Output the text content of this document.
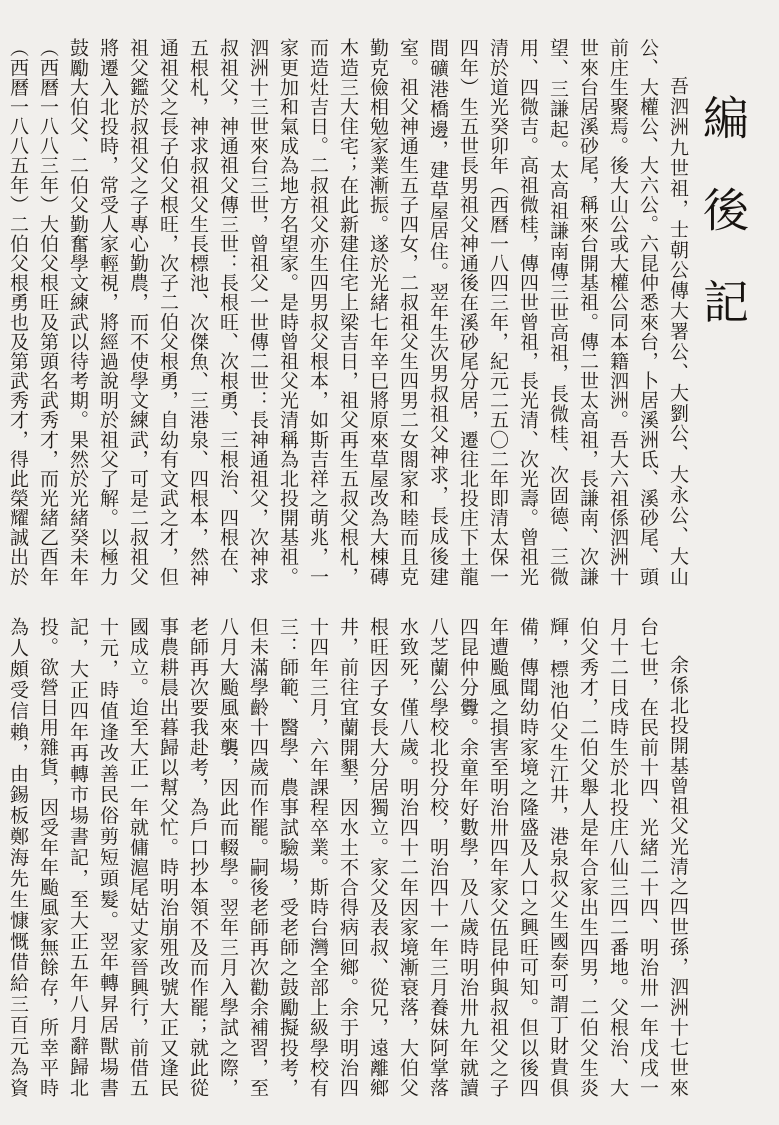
編後記

吾泗洲九世祖，士朝公傳大署公、大劉公、大永公、大山公、大權公、大六公。六昆仲悉來台，卜居溪洲氐、溪砂尾、頭前庄生聚焉。後大山公或大權公同本籍泗洲。吾大六祖係泗洲十世來台居溪砂尾，稱來台開基祖。傳二世太高祖，長謙南、次謙望、三謙起。太高祖謙南傳三世高祖，長微桂、次固德、三微用、四微吉。高祖微桂，傳四世曾祖，長光清、次光壽。曾祖光清於道光癸卯年（西曆一八四三年，紀元二五〇二年即清太保一四年）生五世長男祖父神通後在溪砂尾分居，遷往北投庄下土龍間礦港橋邊，建草屋居住。翌年生次男叔祖父神求，長成後建室。祖父神通生五子四女，二叔祖父生四男二女閤家和睦而且克勤克儉相勉家業漸振。遂於光緒七年辛巳將原來草屋改為大棟磚木造三大住宅；在此新建住宅上梁吉日，祖父再生五叔父根札，而造灶吉日。二叔祖父亦生四男叔父根本，如斯吉祥之萌兆，一家更加和氣成為地方名望家。是時曾祖父光清稱為北投開基祖。泗洲十三世來台三世，曾祖父一世傳二世：長神通祖父，次神求叔祖父，神通祖父傳三世：長根旺、次根勇、三根治、四根在、五根札，神求叔祖父生長標池、次傑魚、三港泉、四根本，然神通祖父之長子伯父根旺，次子二伯父根勇，自幼有文武之才，但祖父鑑於叔祖父之子專心勤農，而不使學文練武，可是二叔祖父將遷入北投時，常受人家輕視，將經過說明於祖父了解。以極力鼓勵大伯父、二伯父勤奮學文練武以待考期。果然於光緒癸未年（西曆一八八三年）大伯父根旺及第頭名武秀才，而光緒乙酉年（西曆一八八五年）二伯父根勇也及第武秀才，得此榮耀誠出於

余係北投開基曾祖父光清之四世孫，泗洲十七世來台七世，在民前十四、光緒二十四、明治卅一年戊戌一月十二日戌時生於北投庄八仙三四二番地。父根治、大伯父秀才，二伯父舉人是年合家出生四男，二伯父生炎輝，標池伯父生江井，港泉叔父生國泰可謂丁財貴俱備，傳聞幼時家境之隆盛及人口之興旺可知。但以後四年遭颱風之損害至明治卅四年家父伍昆仲與叔祖父之子四昆仲分釁。余童年好數學，及八歲時明治卅九年就讀八芝蘭公學校北投分校，明治四十一年三月養妹阿掌落水致死，僅八歲。明治四十二年因家境漸衰落，大伯父根旺因子女長大分居獨立。家父及表叔、從兄，遠離鄉井，前往宜蘭開墾，因水土不合得病回鄉。余于明治四十四年三月，六年課程卒業。斯時台灣全部上級學校有三：師範、醫學、農事試驗場，受老師之鼓勵擬投考，但未滿學齡十四歲而作罷。嗣後老師再次勸余補習，至八月大颱風來襲，因此而輟學。翌年三月入學試之際，老師再次要我赴考，為戶口抄本領不及而作罷；就此從事農耕晨出暮歸以幫父忙。時明治崩殂改號大正又逢民國成立。迨至大正一年就傭滬尾姑丈家晉興行，前借五十元，時值逢改善民俗剪短頭髮。翌年轉昇居獸場書記，大正四年再轉市場書記，至大正五年八月辭歸北投。欲營日用雜貨，因受年年颱風家無餘存，所幸平時為人頗受信賴，由錫板鄭海先生慷慨借給三百元為資
